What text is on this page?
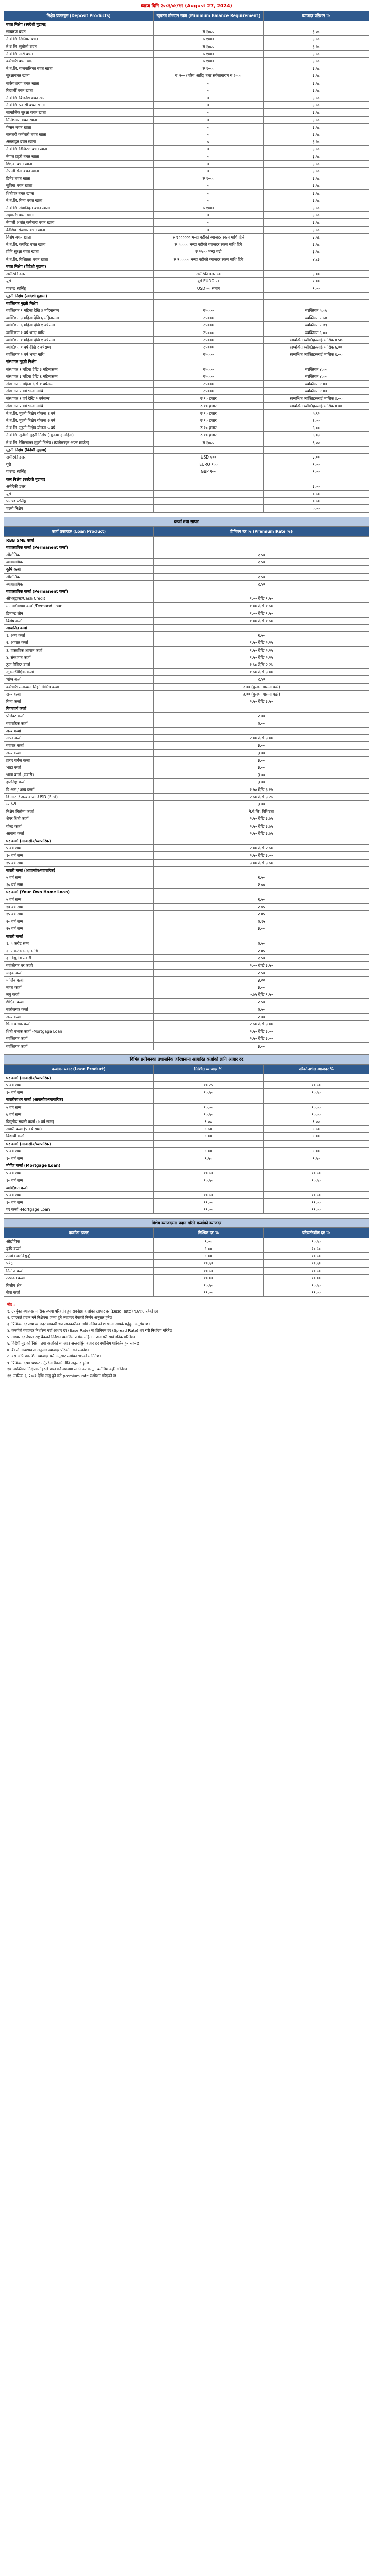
ब्याज दिनि २०८१/०४/१२ (August 27, 2024)
निक्षेप प्रकारहरु (Deposit Products)	न्यूनतम मौज्दात रकम (Minimum Balance Requirement)	ब्याजदर प्रतिशत %
बचत निक्षेप (स्वदेशी मुद्रामा)		
साधारण बचत	रु १०००	३.०८
ने.बं.लि. सिनियर बचत	रु १०००	३.५८
ने.बं.लि. सुनौलो बचत	रु १०००	३.५८
ने.बं.लि. नारी बचत	रु १०००	३.५८
कर्मचारी बचत खाता	रु १०००	३.५८
ने.बं.लि. बालबालिका बचत खाता	रु १०००	३.५८
सुरक्षाबचत खाता	रु २०० (गरिब आदि) तथा सर्वसाधारण रु २५००	३.५८
सर्वसाधारण बचत खाता	०	३.५८
विद्यार्थी बचत खाता	०	३.५८
ने.बं.लि. बिजनेश बचत खाता	०	३.५८
ने.बं.लि. प्रवासी बचत खाता	०	३.५८
सामाजिक सुरक्षा बचत खाता	०	३.५८
मिलिभगत बचत खाता	०	३.५८
पेन्सन बचत खाता	०	३.५८
सरकारी कर्मचारी बचत खाता	०	३.५८
अनलाइन बचत खाता	०	३.५८
ने.बं.लि. डिजिटल बचत खाता	०	३.५८
नेपाल प्रहरी बचत खाता	०	३.५८
शिक्षक बचत खाता	०	३.५८
नेपाली सेना बचत खाता	०	३.५८
डिमेट बचत खाता	रु १०००	३.५८
सुविधा बचत खाता	०	३.५८
धितोपत्र बचत खाता	०	३.५८
ने.बं.लि. बिमा बचत खाता	०	३.५८
ने.बं.लि. सेवानिवृत्त बचत खाता	रु १०००	३.५८
सहकारी बचत खाता	०	३.५८
नेपाली अर्थात् कर्मचारी बचत खाता	०	३.५८
वैदेशिक रोजगार बचत खाता	०	३.५८
बिशेष बचत खाता	रु १०००००० भन्दा बढीको ब्याजदर रकम माथि दिने	३.५८
ने.बं.लि. कर्पोरेट बचत खाता	रु ५०००० भन्दा बढीको व्याजदर रकम माथि दिने	३.५८
प्रीमि सुरक्षा बचत खाता	रु २५०० भन्दा बढी	३.५८
ने.बं.लि. विशिष्टता बचत खाता	रु १००००० भन्दा बढीको व्याजदर रकम माथि दिने	४.८३
बचत निक्षेप (विदेशी मुद्रामा)		
अमेरिकी डलर	अमेरिकी डलर ५०	३.००
युरो	युरो EURO ५०	१.००
पाउण्ड स्टर्लिङ्ग	USD ५० समान	१.००
मुद्दती निक्षेप (स्वदेशी मुद्रामा)		
व्यक्तिगत मुद्दती निक्षेप		
व्यक्तिगत १ महिना देखि ३ महिनासम्म	रु५०००	व्यक्तिगत ५.०७
व्यक्तिगत ३ महिना देखि ६ महिनासम्म	रु५०००	व्यक्तिगत ५.५७
व्यक्तिगत ६ महिना देखि १ वर्षसम्म	रु५०००	व्यक्तिगत ५.७९
व्यक्तिगत १ वर्ष भन्दा माथि	रु५०००	व्यक्तिगत ६.००
व्यक्तिगत १ महिना देखि १ वर्षसम्म	रु५०००	सम्बन्धित व्यक्तिहरुलाई मासिक ४.५७
व्यक्तिगत १ वर्ष देखि २ वर्षसम्म	रु५०००	सम्बन्धित व्यक्तिहरुलाई मासिक ६.००
व्यक्तिगत २ वर्ष भन्दा माथि	रु५०००	सम्बन्धित व्यक्तिहरुलाई मासिक ६.००
संस्थागत मुद्दती निक्षेप		
संस्थागत १ महिना देखि ३ महिनासम्म	रु५०००	व्यक्तिगत ४.००
संस्थागत ३ महिना देखि ६ महिनासम्म	रु५०००	व्यक्तिगत ४.००
संस्थागत ६ महिना देखि १ वर्षसम्म	रु५०००	व्यक्तिगत ४.००
संस्थागत १ वर्ष भन्दा माथि	रु५०००	व्यक्तिगत ४.००
संस्थागत १ वर्ष देखि २ वर्षसम्म	रु १० हजार	सम्बन्धित व्यक्तिहरुलाई मासिक ४.००
संस्थागत २ वर्ष भन्दा माथि	रु १० हजार	सम्बन्धित व्यक्तिहरुलाई मासिक ४.००
ने.बं.लि. मुद्दती निक्षेप योजना १ वर्ष	रु १० हजार	५.९२
ने.बं.लि. मुद्दती निक्षेप योजना २ वर्ष	रु १० हजार	६.००
ने.बं.लि. मुद्दती निक्षेप योजना ५ वर्ष	रु १० हजार	६.००
ने.बं.लि. सुनौलो मुद्दती निक्षेप (न्यूनतम ३ महिना)	रु १० हजार	६.०३
ने.बं.लि. रेमिट्यान्स मुद्दती निक्षेप (भ्यालेन्टाइन अफर मार्फत)	रु १०००	६.००
मुद्दती निक्षेप (विदेशी मुद्रामा)		
अमेरिकी डलर	USD १००	३.००
युरो	EURO १००	१.००
पाउण्ड स्टर्लिङ्ग	GBP १००	१.००
कल निक्षेप (स्वदेशी मुद्रामा)		
अमेरिकी डलर		३.००
युरो		०.५०
पाउण्ड स्टर्लिङ्ग		०.५०
चल्ती निक्षेप		०.००
कर्जा तथा सापट
कर्जा प्रकारहरु (Loan Product)	प्रिमियम दर % (Premium Rate %)
RBB SME कर्जा	
व्यावसायिक कर्जा (Permanent कर्जा)	
औद्योगिक	१.५०
व्यावसायिक	१.५०
कृषि कर्जा	
औद्योगिक	१.५०
व्यावसायिक	१.५०
व्यावसायिक कर्जा (Permanent कर्जा)	
ओभरड्राफ्ट/Cash Credit	१.०० देखि १.५०
मागमा/मागमा कर्जा /Demand Loan	१.०० देखि १.५०
डिमान्ड लोन	१.०० देखि १.५०
बिशेष कर्जा	१.०० देखि १.५०
आयातित कर्जा	
१. अन्य कर्जा	१.५०
२. आयात कर्जा	१.५० देखि २.२५
३. वास्तविक आयात कर्जा	१.५० देखि २.२५
४. संस्थागत कर्जा	१.५० देखि २.२५
ट्रस्ट रिसिप्ट कर्जा	१.५० देखि २.२५
स्टुडेन्ट/शैक्षिक कर्जा	१.५० देखि ३.००
भोग्य कर्जा	१.५०
कर्मचारी सम्बन्धमा लिइने विभिन्न कर्जा	२.०० (कुनमा मासमा बढी)
अन्य कर्जा	३.०० (कुनमा मासमा बढी)
बिमा कर्जा	२.५० देखि ३.५०
विपन्नवर्ग कर्जा	
प्रोजेक्ट कर्जा	२.००
व्यापारिक कर्जा	२.००
अन्य कर्जा	
नाफा कर्जा	२.०० देखि ३.००
व्यापार कर्जा	३.००
अन्य कर्जा	३.००
हायर पर्चेज कर्जा	३.००
भाडा कर्जा	३.००
भाडा कर्जा (सवारी)	३.००
हाउसिङ्ग कर्जा	३.००
डि.आर./ अन्य कर्जा	२.५० देखि ३.२५
डि.आर. / अन्य कर्जा -USD (Flat)	२.५० देखि ३.२५
ग्यारेन्टी	३.००
निक्षेप धितोमा कर्जा	ने.बे.लि. विशिष्टता
शेयर धितो कर्जा	२.५० देखि ३.७५
गोल्ड कर्जा	२.५० देखि ३.७५
आवास कर्जा	२.५० देखि ३.७५
घर कर्जा (आवासीय/व्यापारिक)	
५ वर्ष सम्म	२.०० देखि २.५०
१० वर्ष सम्म	२.५० देखि ३.००
१५ वर्ष सम्म	३.०० देखि ३.५०
सवारी कर्जा (आवासीय/व्यापारिक)	
५ वर्ष सम्म	१.५०
१० वर्ष सम्म	२.००
घर कर्जा (Your Own Home Loan)	
५ वर्ष सम्म	१.५०
१० वर्ष सम्म	२.४५
१५ वर्ष सम्म	२.७५
२० वर्ष सम्म	२.९५
२५ वर्ष सम्म	३.००
सवारी कर्जा	
१. ५ करोड सम्म	२.५०
२. ५ करोड भन्दा माथि	२.७५
३. विद्युतीय सवारी	१.५०
व्यक्तिगत घर कर्जा	२.०० देखि ३.५०
ग्राहक कर्जा	२.५०
मार्जिन कर्जा	३.००
नाफा कर्जा	३.००
लघु कर्जा	०.७५ देखि १.५०
शैक्षिक कर्जा	२.५०
स्वरोजगार कर्जा	२.५०
अन्य कर्जा	२.००
धितो बन्धक कर्जा	२.५० देखि ३.००
धितो बन्धक कर्जा -Mortgage Loan	२.५० देखि ३.००
व्यक्तिगत कर्जा	२.५० देखि ३.००
व्यक्तिगत कर्जा	३.००
विभिन्न प्रयोजनका प्रशासनिक जरिवानामा आधारित कर्जाको लागि आधार दर
कर्जाका प्रकार (Loan Product)	निश्चित व्याजदर %	परिवर्तनशील व्याजदर %
घर कर्जा (आवासीय/व्यापारिक)		
५ वर्ष सम्म	१०.२५	१०.५०
१० वर्ष सम्म	१०.५०	१०.५०
सवारीसाधन कर्जा (आवासीय/व्यापारिक)		
५ वर्ष सम्म	१०.००	१०.००
७ वर्ष सम्म	१०.५०	१०.००
विद्युतीय सवारी कर्जा (५ वर्ष सम्म)	९.००	९.००
सवारी कर्जा (५ वर्ष सम्म)	९.५०	९.५०
विद्यार्थी कर्जा	९.००	९.००
घर कर्जा (आवासीय/व्यापारिक)		
५ वर्ष सम्म	९.००	९.००
१० वर्ष सम्म	९.५०	९.५०
मोर्गेज कर्जा (Mortgage Loan)		
५ वर्ष सम्म	१०.५०	१०.५०
१० वर्ष सम्म	१०.५०	१०.५०
व्यक्तिगत कर्जा		
५ वर्ष सम्म	१०.५०	१०.५०
१० वर्ष सम्म	११.००	११.००
घर कर्जा -Mortgage Loan	११.००	११.००
विशेष व्याजदरमा प्रदान गरिने कर्जाको व्याजदर
कर्जाका प्रकार	निश्चित दर %	परिवर्तनशील दर %
औद्योगिक	९.००	१०.५०
कृषि कर्जा	९.००	१०.५०
ऊर्जा (जलविद्युत्)	९.००	१०.५०
पर्यटन	१०.५०	१०.५०
निर्माण कर्जा	१०.५०	१०.५०
उत्पादन कर्जा	१०.००	१०.००
वित्तीय क्षेत्र	१०.५०	१०.५०
सेवा कर्जा	११.००	११.००

नोट :

१. उपर्युक्त व्याजदर मासिक रुपमा परिवर्तन हुन सक्नेछ। कर्जाको आधार दर (Base Rate) ९.६९% रहेको छ।

२. ग्राहकले प्रदान गर्ने निक्षेपमा जम्मा हुने व्याजदर बैंकको निर्णय अनुसार हुनेछ।

३. प्रिमियम दर तथा व्याजदर सम्बन्धी थप जानकारीका लागि नजिकको शाखामा सम्पर्क गर्नुहुन अनुरोध छ।

४. कर्जाको व्याजदर निर्धारण गर्दा आधार दर (Base Rate) मा प्रिमियम दर (Spread Rate) थप गरी निर्धारण गरिनेछ।

५. आधार दर नेपाल राष्ट्र बैंकको निर्देशन बमोजिम प्रत्येक महिना गणना गरी सार्वजनिक गरिनेछ।

६. विदेशी मुद्राको निक्षेप तथा कर्जाको व्याजदर अन्तर्राष्ट्रिय बजार दर बमोजिम परिवर्तन हुन सक्नेछ।

७. बैंकले आवश्यकता अनुसार व्याजदर परिवर्तन गर्न सक्नेछ।

८. यस अघि प्रकाशित व्याजदर यसै अनुसार संशोधन भएको मानिनेछ।

९. प्रिमियम दरमा थपघट गर्नुपरेमा बैंकको नीति अनुसार हुनेछ।

१०. व्यक्तिगत निक्षेपकर्ताहरुले प्राप्त गर्ने व्याजमा लाग्ने कर कानून बमोजिम कट्टी गरिनेछ।

११. मासिक १, २०८१ देखि लागु हुने गरी premium rate संशोधन गरिएको छ।
